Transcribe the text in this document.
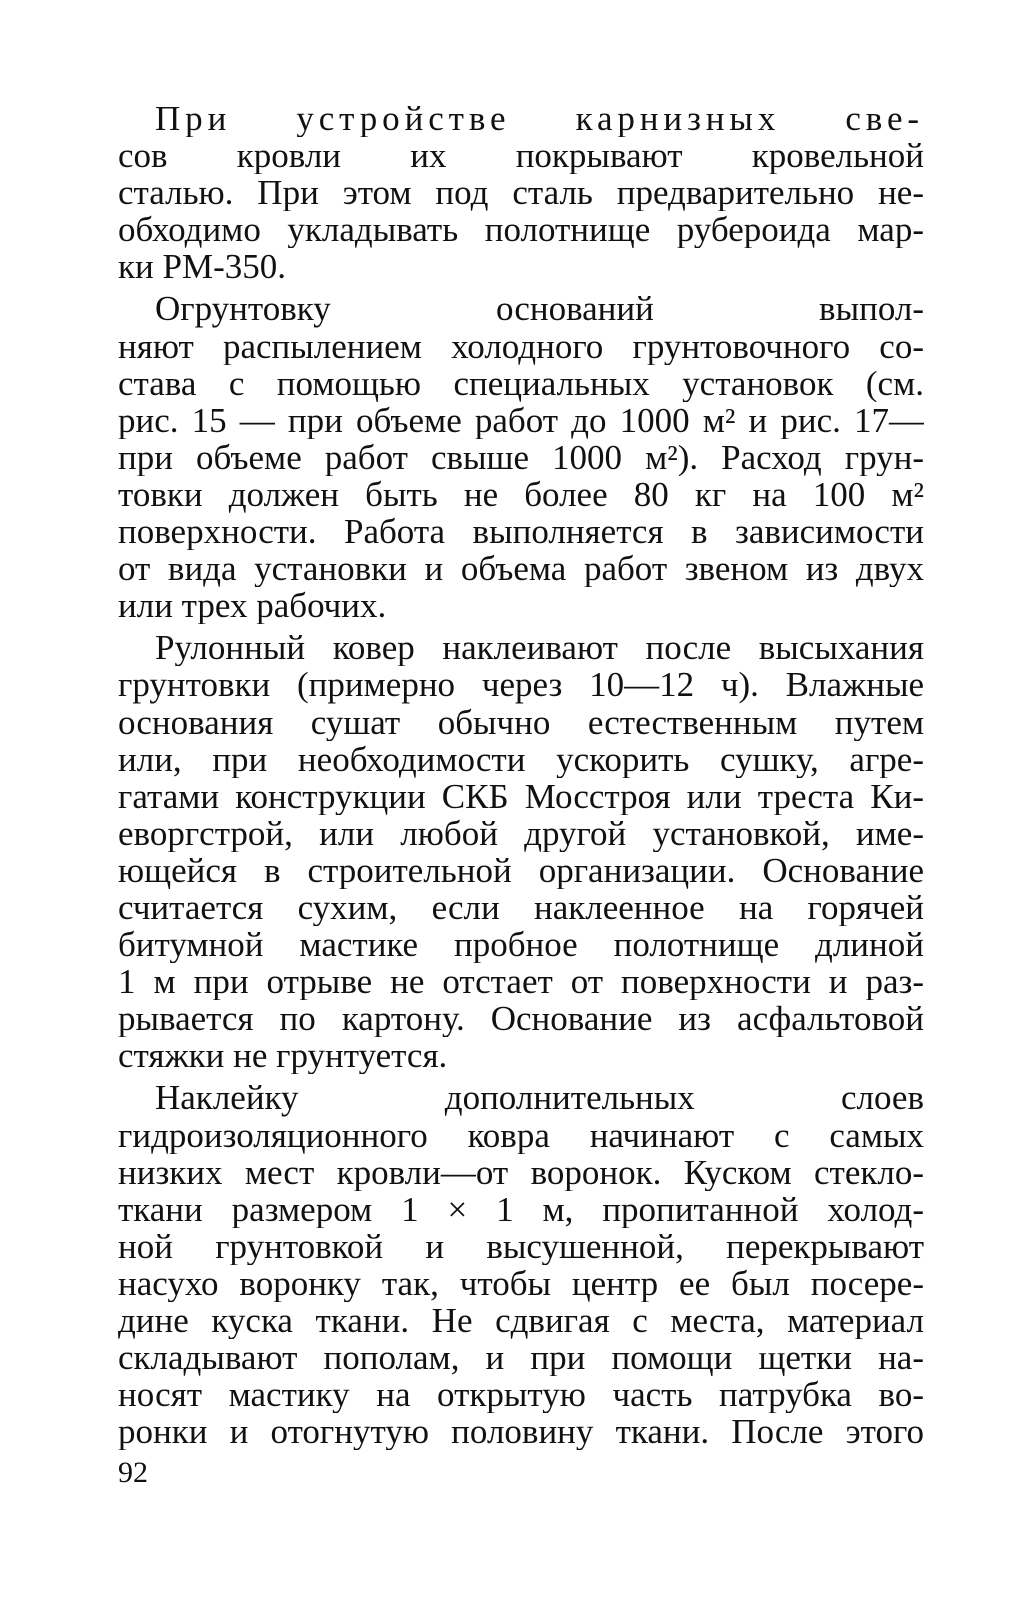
При устройстве карнизных све-
сов кровли их покрывают кровельной
сталью. При этом под сталь предварительно не-
обходимо укладывать полотнище рубероида мар-
ки РМ-350.
Огрунтовку оснований выпол-
няют распылением холодного грунтовочного со-
става с помощью специальных установок (см.
рис. 15 — при объеме работ до 1000 м² и рис. 17—
при объеме работ свыше 1000 м²). Расход грун-
товки должен быть не более 80 кг на 100 м²
поверхности. Работа выполняется в зависимости
от вида установки и объема работ звеном из двух
или трех рабочих.
Рулонный ковер наклеивают после высыхания
грунтовки (примерно через 10—12 ч). Влажные
основания сушат обычно естественным путем
или, при необходимости ускорить сушку, агре-
гатами конструкции СКБ Мосстроя или треста Ки-
еворгстрой, или любой другой установкой, име-
ющейся в строительной организации. Основание
считается сухим, если наклеенное на горячей
битумной мастике пробное полотнище длиной
1 м при отрыве не отстает от поверхности и раз-
рывается по картону. Основание из асфальтовой
стяжки не грунтуется.
Наклейку дополнительных слоев
гидроизоляционного ковра начинают с самых
низких мест кровли—от воронок. Куском стекло-
ткани размером 1 × 1 м, пропитанной холод-
ной грунтовкой и высушенной, перекрывают
насухо воронку так, чтобы центр ее был посере-
дине куска ткани. Не сдвигая с места, материал
складывают пополам, и при помощи щетки на-
носят мастику на открытую часть патрубка во-
ронки и отогнутую половину ткани. После этого
92
